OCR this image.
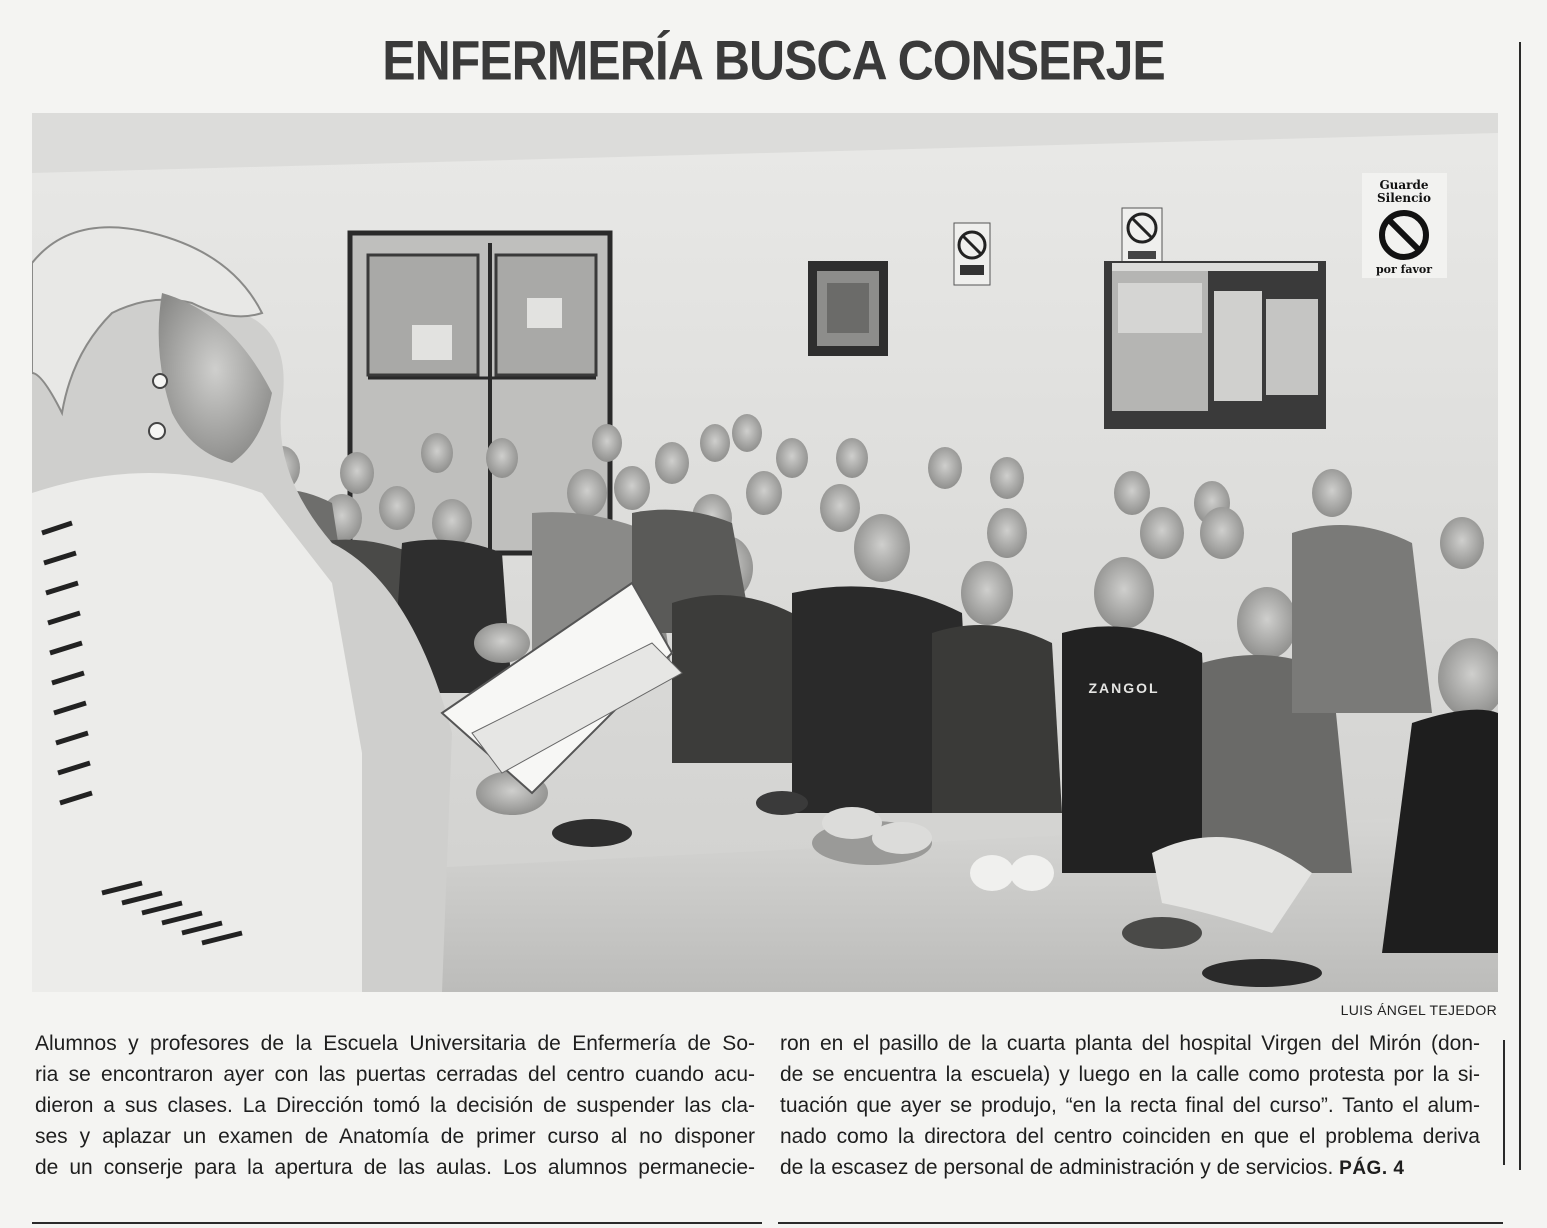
ENFERMERÍA BUSCA CONSERJE
Guarde
Silencio
por favor
ZANGOL
LUIS ÁNGEL TEJEDOR
Alumnos y profesores de la Escuela Universitaria de Enfermería de So-
ria se encontraron ayer con las puertas cerradas del centro cuando acu-
dieron a sus clases. La Dirección tomó la decisión de suspender las cla-
ses y aplazar un examen de Anatomía de primer curso al no disponer
de un conserje para la apertura de las aulas. Los alumnos permanecie-
ron en el pasillo de la cuarta planta del hospital Virgen del Mirón (don-
de se encuentra la escuela) y luego en la calle como protesta por la si-
tuación que ayer se produjo, “en la recta final del curso”. Tanto el alum-
nado como la directora del centro coinciden en que el problema deriva
de la escasez de personal de administración y de servicios. PÁG. 4
